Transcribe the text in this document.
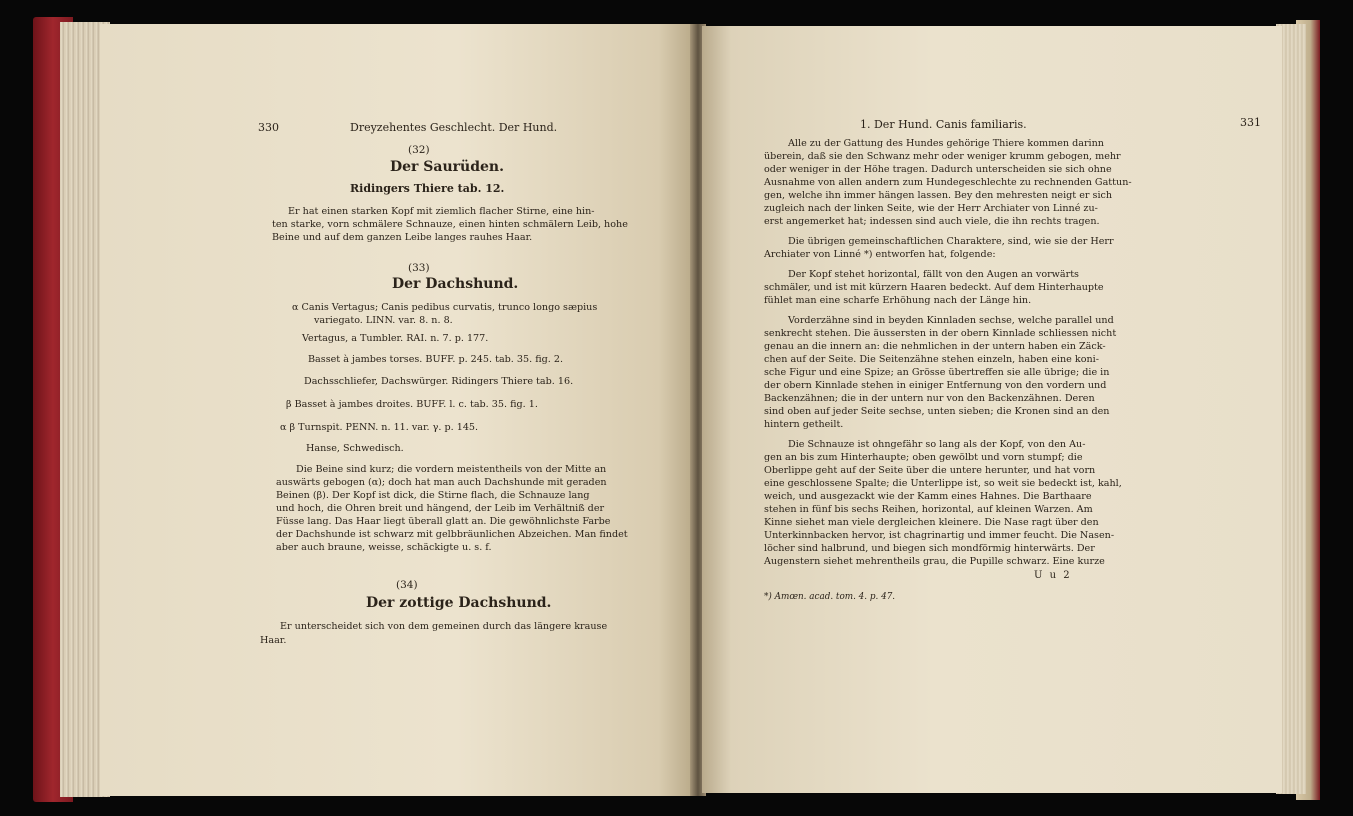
330	Dreyzehentes Geschlecht. Der Hund.
(32)
Der Saurüden.
Ridingers Thiere tab. 12.
Er hat einen starken Kopf mit ziemlich flacher Stirne, eine hin-
ten starke, vorn schmälere Schnauze, einen hinten schmälern Leib, hohe
Beine und auf dem ganzen Leibe langes rauhes Haar.
(33)
Der Dachshund.
α Canis Vertagus; Canis pedibus curvatis, trunco longo sæpius
variegato. LINN. var. 8. n. 8.
Vertagus, a Tumbler. RAI. n. 7. p. 177.
Basset à jambes torses. BUFF. p. 245. tab. 35. fig. 2.
Dachsschliefer, Dachswürger. Ridingers Thiere tab. 16.
β Basset à jambes droites. BUFF. l. c. tab. 35. fig. 1.
α β Turnspit. PENN. n. 11. var. γ. p. 145.
Hanse, Schwedisch.
Die Beine sind kurz; die vordern meistentheils von der Mitte an
auswärts gebogen (α); doch hat man auch Dachshunde mit geraden
Beinen (β). Der Kopf ist dick, die Stirne flach, die Schnauze lang
und hoch, die Ohren breit und hängend, der Leib im Verhältniß der
Füsse lang. Das Haar liegt überall glatt an. Die gewöhnlichste Farbe
der Dachshunde ist schwarz mit gelbbräunlichen Abzeichen. Man findet
aber auch braune, weisse, schäckigte u. s. f.
(34)
Der zottige Dachshund.
Er unterscheidet sich von dem gemeinen durch das längere krause
Haar.
1. Der Hund. Canis familiaris.	331
Alle zu der Gattung des Hundes gehörige Thiere kommen darinn
überein, daß sie den Schwanz mehr oder weniger krumm gebogen, mehr
oder weniger in der Höhe tragen. Dadurch unterscheiden sie sich ohne
Ausnahme von allen andern zum Hundegeschlechte zu rechnenden Gattun-
gen, welche ihn immer hängen lassen. Bey den mehresten neigt er sich
zugleich nach der linken Seite, wie der Herr Archiater von Linné zu-
erst angemerket hat; indessen sind auch viele, die ihn rechts tragen.
Die übrigen gemeinschaftlichen Charaktere, sind, wie sie der Herr
Archiater von Linné *) entworfen hat, folgende:
Der Kopf stehet horizontal, fällt von den Augen an vorwärts
schmäler, und ist mit kürzern Haaren bedeckt. Auf dem Hinterhaupte
fühlet man eine scharfe Erhöhung nach der Länge hin.
Vorderzähne sind in beyden Kinnladen sechse, welche parallel und
senkrecht stehen. Die äussersten in der obern Kinnlade schliessen nicht
genau an die innern an: die nehmlichen in der untern haben ein Zäck-
chen auf der Seite. Die Seitenzähne stehen einzeln, haben eine koni-
sche Figur und eine Spize; an Grösse übertreffen sie alle übrige; die in
der obern Kinnlade stehen in einiger Entfernung von den vordern und
Backenzähnen; die in der untern nur von den Backenzähnen. Deren
sind oben auf jeder Seite sechse, unten sieben; die Kronen sind an den
hintern getheilt.
Die Schnauze ist ohngefähr so lang als der Kopf, von den Au-
gen an bis zum Hinterhaupte; oben gewölbt und vorn stumpf; die
Oberlippe geht auf der Seite über die untere herunter, und hat vorn
eine geschlossene Spalte; die Unterlippe ist, so weit sie bedeckt ist, kahl,
weich, und ausgezackt wie der Kamm eines Hahnes. Die Barthaare
stehen in fünf bis sechs Reihen, horizontal, auf kleinen Warzen. Am
Kinne siehet man viele dergleichen kleinere. Die Nase ragt über den
Unterkinnbacken hervor, ist chagrinartig und immer feucht. Die Nasen-
löcher sind halbrund, und biegen sich mondförmig hinterwärts. Der
Augenstern siehet mehrentheils grau, die Pupille schwarz. Eine kurze
U u 2
*) Amœn. acad. tom. 4. p. 47.
